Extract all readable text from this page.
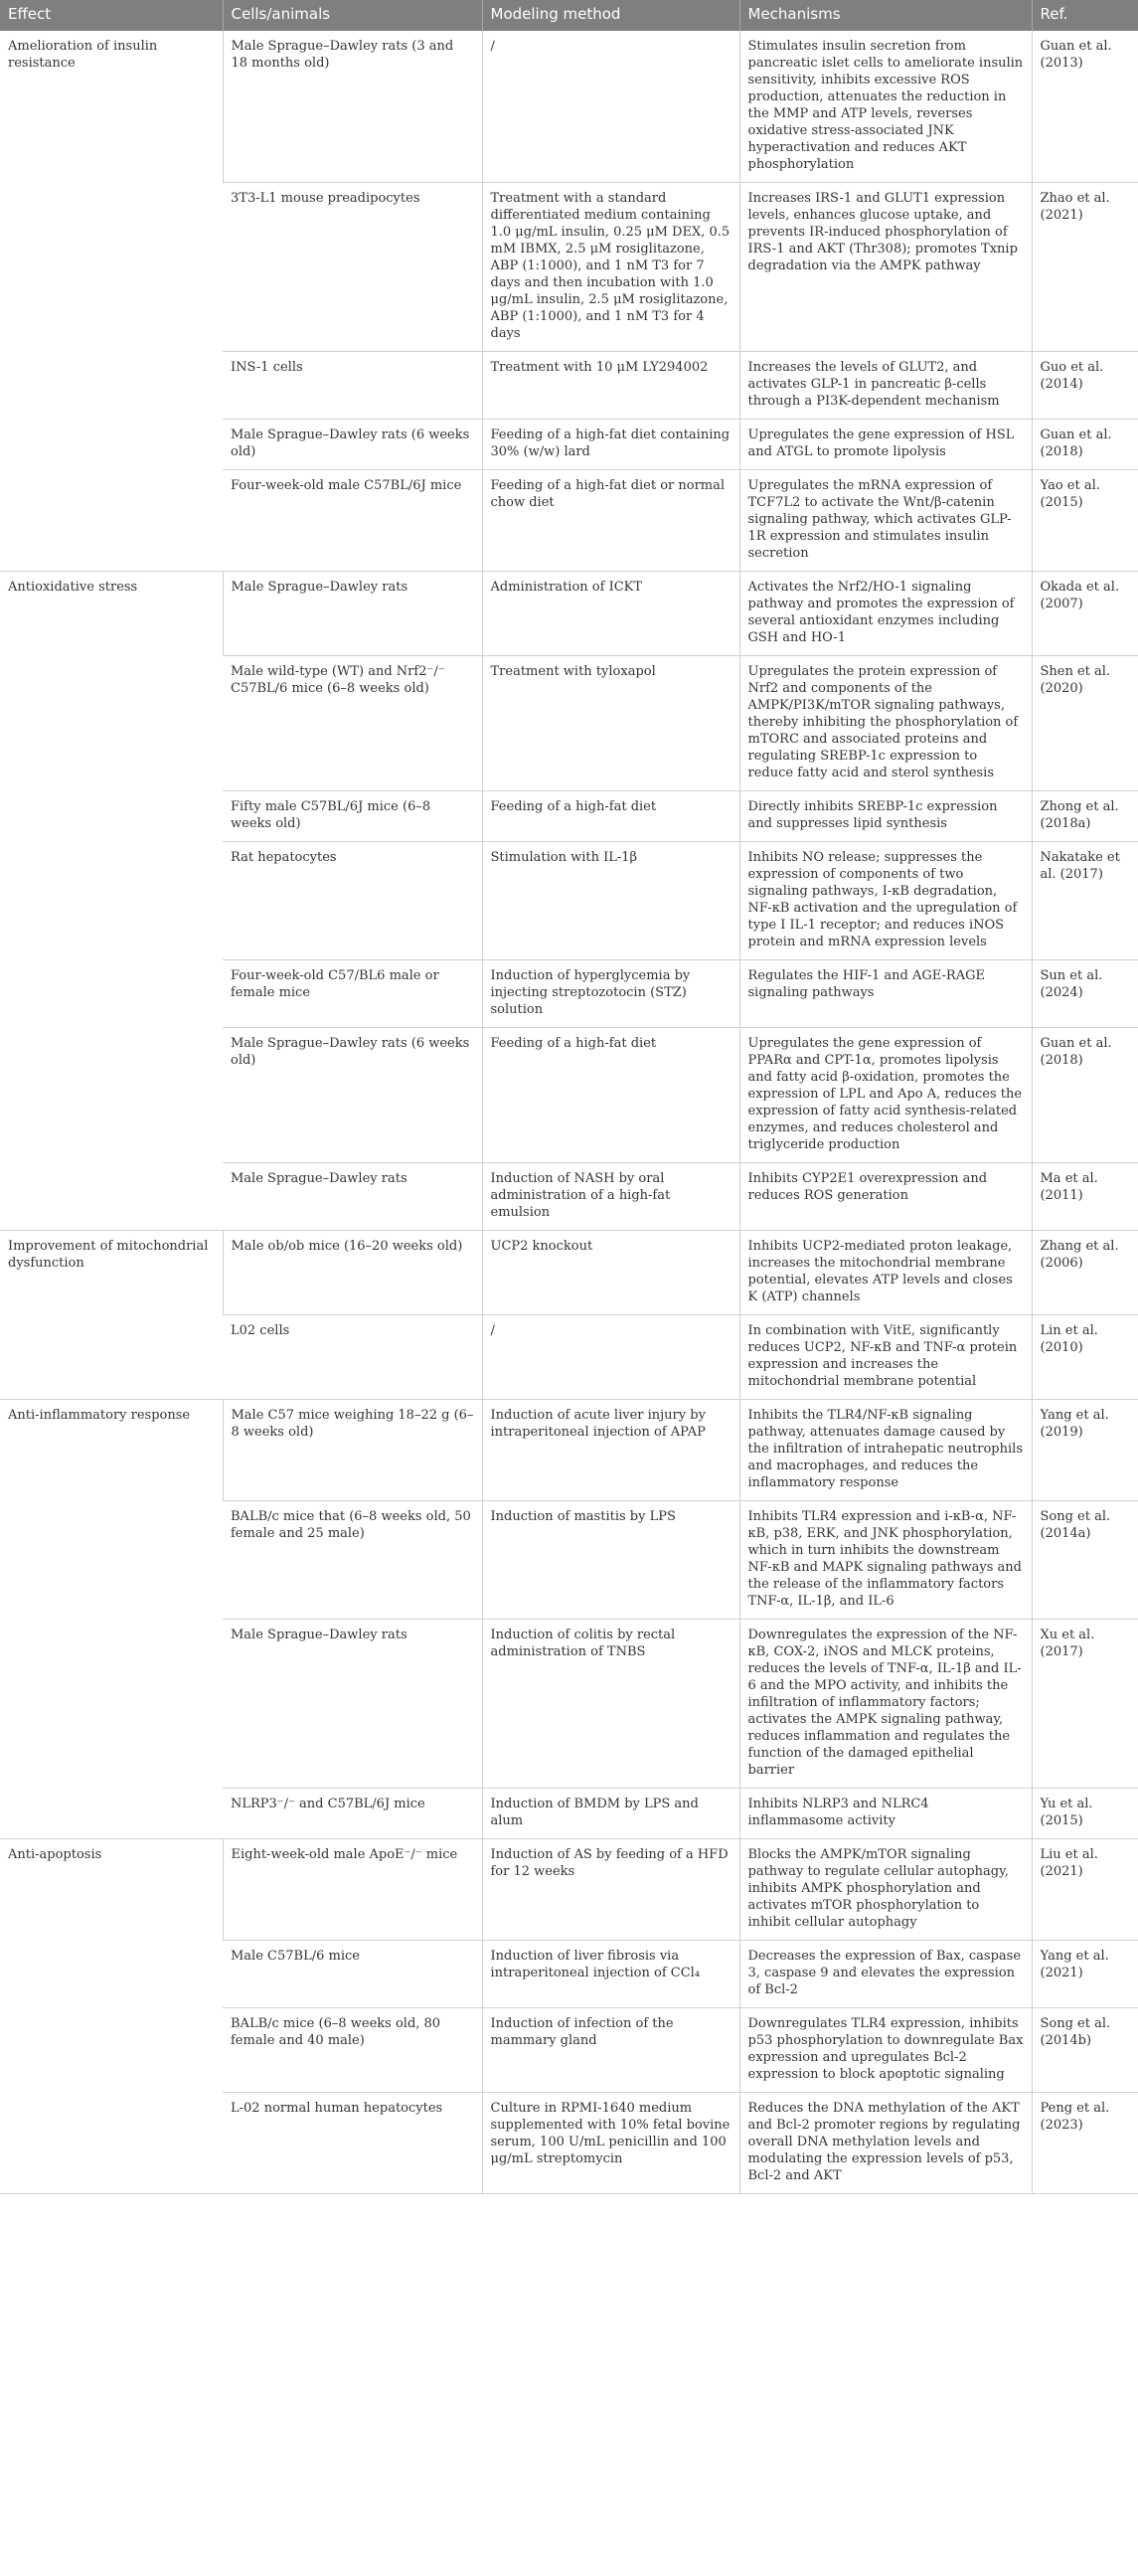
Effect	Cells/animals	Modeling method	Mechanisms	Ref.
Amelioration of insulin resistance	Male Sprague–Dawley rats (3 and 18 months old)	/	Stimulates insulin secretion from pancreatic islet cells to ameliorate insulin sensitivity, inhibits excessive ROS production, attenuates the reduction in the MMP and ATP levels, reverses oxidative stress-associated JNK hyperactivation and reduces AKT phosphorylation	Guan et al. (2013)
	3T3-L1 mouse preadipocytes	Treatment with a standard differentiated medium containing 1.0 μg/mL insulin, 0.25 μM DEX, 0.5 mM IBMX, 2.5 μM rosiglitazone, ABP (1:1000), and 1 nM T3 for 7 days and then incubation with 1.0 μg/mL insulin, 2.5 μM rosiglitazone, ABP (1:1000), and 1 nM T3 for 4 days	Increases IRS-1 and GLUT1 expression levels, enhances glucose uptake, and prevents IR-induced phosphorylation of IRS-1 and AKT (Thr308); promotes Txnip degradation via the AMPK pathway	Zhao et al. (2021)
	INS-1 cells	Treatment with 10 μM LY294002	Increases the levels of GLUT2, and activates GLP-1 in pancreatic β-cells through a PI3K-dependent mechanism	Guo et al. (2014)
	Male Sprague–Dawley rats (6 weeks old)	Feeding of a high-fat diet containing 30% (w/w) lard	Upregulates the gene expression of HSL and ATGL to promote lipolysis	Guan et al. (2018)
	Four-week-old male C57BL/6J mice	Feeding of a high-fat diet or normal chow diet	Upregulates the mRNA expression of TCF7L2 to activate the Wnt/β-catenin signaling pathway, which activates GLP-1R expression and stimulates insulin secretion	Yao et al. (2015)
Antioxidative stress	Male Sprague–Dawley rats	Administration of ICKT	Activates the Nrf2/HO-1 signaling pathway and promotes the expression of several antioxidant enzymes including GSH and HO-1	Okada et al. (2007)
	Male wild-type (WT) and Nrf2⁻/⁻ C57BL/6 mice (6–8 weeks old)	Treatment with tyloxapol	Upregulates the protein expression of Nrf2 and components of the AMPK/PI3K/mTOR signaling pathways, thereby inhibiting the phosphorylation of mTORC and associated proteins and regulating SREBP-1c expression to reduce fatty acid and sterol synthesis	Shen et al. (2020)
	Fifty male C57BL/6J mice (6–8 weeks old)	Feeding of a high-fat diet	Directly inhibits SREBP-1c expression and suppresses lipid synthesis	Zhong et al. (2018a)
	Rat hepatocytes	Stimulation with IL-1β	Inhibits NO release; suppresses the expression of components of two signaling pathways, I-κB degradation, NF-κB activation and the upregulation of type I IL-1 receptor; and reduces iNOS protein and mRNA expression levels	Nakatake et al. (2017)
	Four-week-old C57/BL6 male or female mice	Induction of hyperglycemia by injecting streptozotocin (STZ) solution	Regulates the HIF-1 and AGE-RAGE signaling pathways	Sun et al. (2024)
	Male Sprague–Dawley rats (6 weeks old)	Feeding of a high-fat diet	Upregulates the gene expression of PPARα and CPT-1α, promotes lipolysis and fatty acid β-oxidation, promotes the expression of LPL and Apo A, reduces the expression of fatty acid synthesis-related enzymes, and reduces cholesterol and triglyceride production	Guan et al. (2018)
	Male Sprague–Dawley rats	Induction of NASH by oral administration of a high-fat emulsion	Inhibits CYP2E1 overexpression and reduces ROS generation	Ma et al. (2011)
Improvement of mitochondrial dysfunction	Male ob/ob mice (16–20 weeks old)	UCP2 knockout	Inhibits UCP2-mediated proton leakage, increases the mitochondrial membrane potential, elevates ATP levels and closes K (ATP) channels	Zhang et al. (2006)
	L02 cells	/	In combination with VitE, significantly reduces UCP2, NF-κB and TNF-α protein expression and increases the mitochondrial membrane potential	Lin et al. (2010)
Anti-inflammatory response	Male C57 mice weighing 18–22 g (6–8 weeks old)	Induction of acute liver injury by intraperitoneal injection of APAP	Inhibits the TLR4/NF-κB signaling pathway, attenuates damage caused by the infiltration of intrahepatic neutrophils and macrophages, and reduces the inflammatory response	Yang et al. (2019)
	BALB/c mice that (6–8 weeks old, 50 female and 25 male)	Induction of mastitis by LPS	Inhibits TLR4 expression and i-κB-α, NF-κB, p38, ERK, and JNK phosphorylation, which in turn inhibits the downstream NF-κB and MAPK signaling pathways and the release of the inflammatory factors TNF-α, IL-1β, and IL-6	Song et al. (2014a)
	Male Sprague–Dawley rats	Induction of colitis by rectal administration of TNBS	Downregulates the expression of the NF-κB, COX-2, iNOS and MLCK proteins, reduces the levels of TNF-α, IL-1β and IL-6 and the MPO activity, and inhibits the infiltration of inflammatory factors; activates the AMPK signaling pathway, reduces inflammation and regulates the function of the damaged epithelial barrier	Xu et al. (2017)
	NLRP3⁻/⁻ and C57BL/6J mice	Induction of BMDM by LPS and alum	Inhibits NLRP3 and NLRC4 inflammasome activity	Yu et al. (2015)
Anti-apoptosis	Eight-week-old male ApoE⁻/⁻ mice	Induction of AS by feeding of a HFD for 12 weeks	Blocks the AMPK/mTOR signaling pathway to regulate cellular autophagy, inhibits AMPK phosphorylation and activates mTOR phosphorylation to inhibit cellular autophagy	Liu et al. (2021)
	Male C57BL/6 mice	Induction of liver fibrosis via intraperitoneal injection of CCl₄	Decreases the expression of Bax, caspase 3, caspase 9 and elevates the expression of Bcl-2	Yang et al. (2021)
	BALB/c mice (6–8 weeks old, 80 female and 40 male)	Induction of infection of the mammary gland	Downregulates TLR4 expression, inhibits p53 phosphorylation to downregulate Bax expression and upregulates Bcl-2 expression to block apoptotic signaling	Song et al. (2014b)
	L-02 normal human hepatocytes	Culture in RPMI-1640 medium supplemented with 10% fetal bovine serum, 100 U/mL penicillin and 100 μg/mL streptomycin	Reduces the DNA methylation of the AKT and Bcl-2 promoter regions by regulating overall DNA methylation levels and modulating the expression levels of p53, Bcl-2 and AKT	Peng et al. (2023)
